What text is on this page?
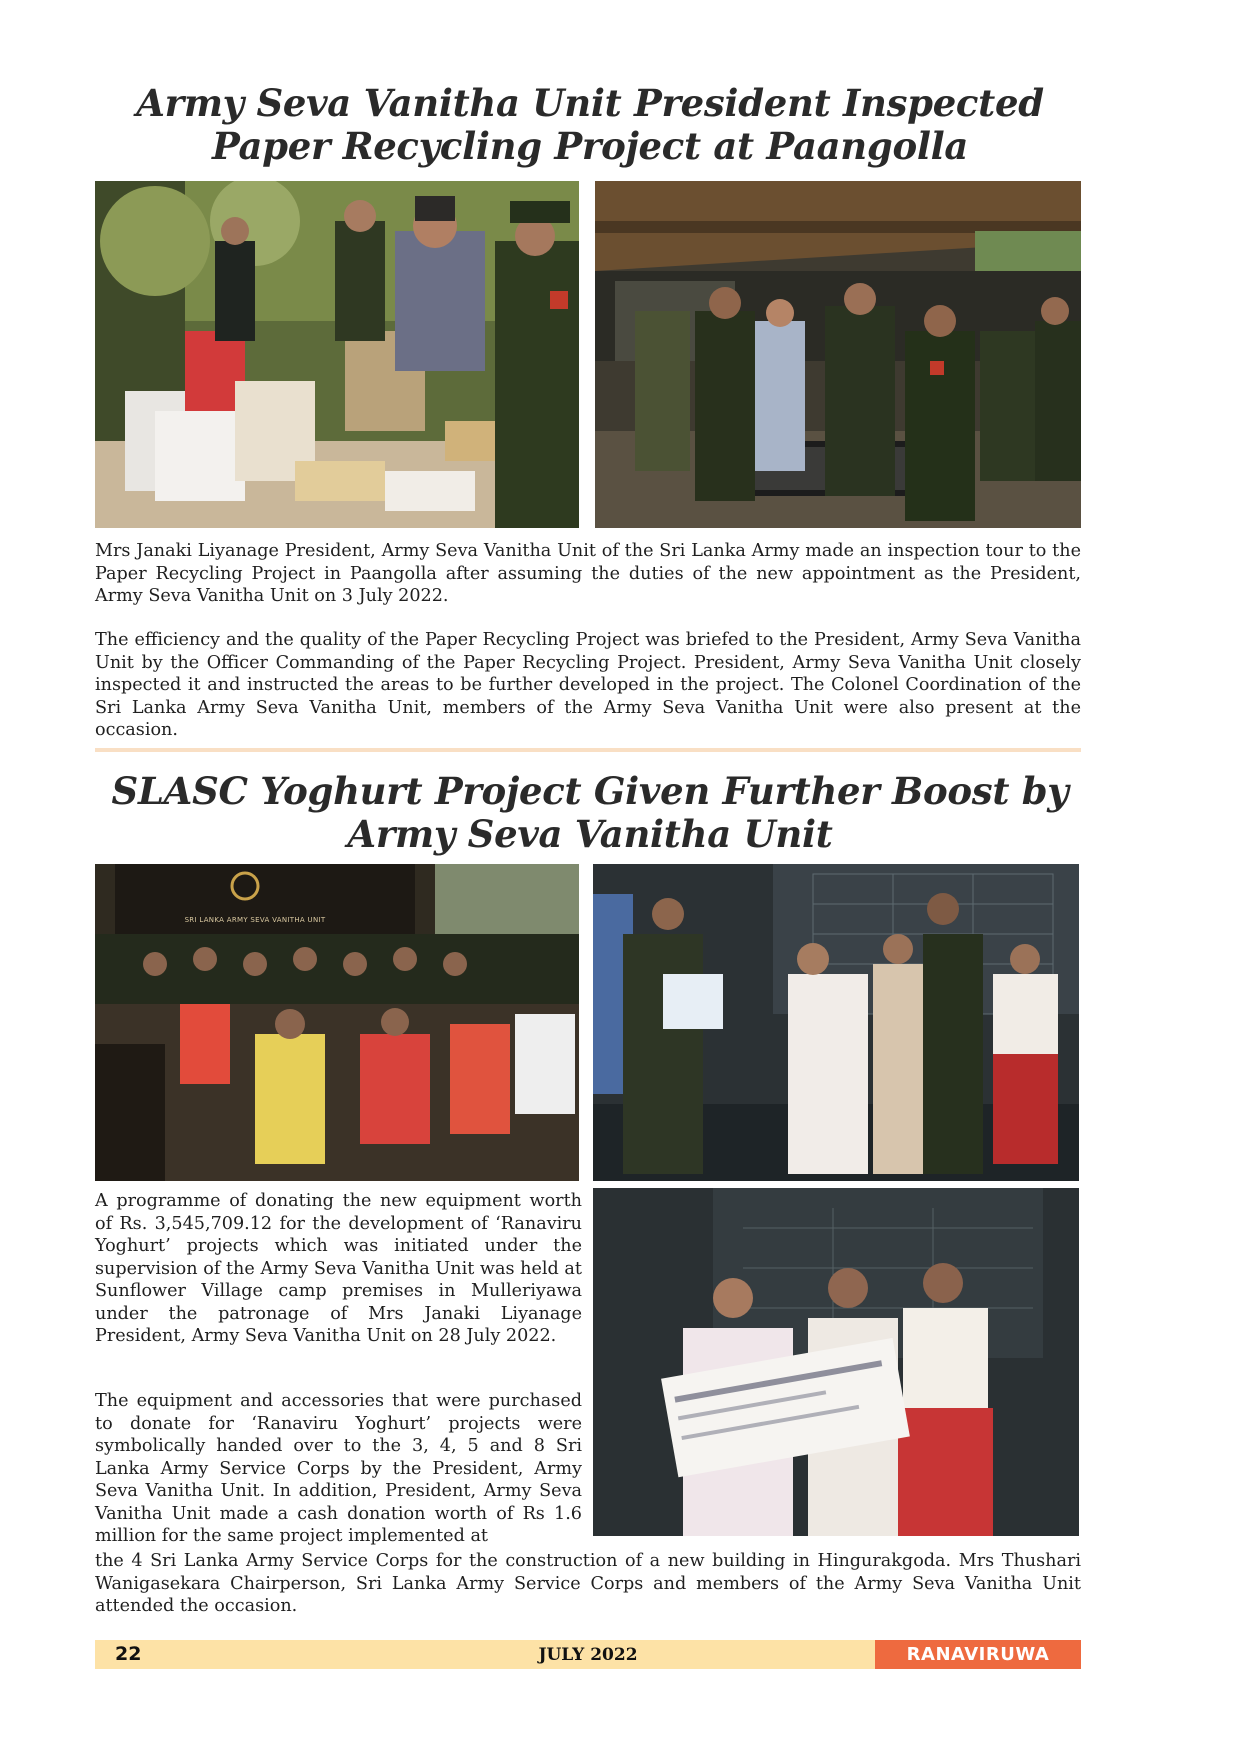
Army Seva Vanitha Unit President Inspected Paper Recycling Project at Paangolla

Mrs Janaki Liyanage President, Army Seva Vanitha Unit of the Sri Lanka Army made an inspection tour to the Paper Recycling Project in Paangolla after assuming the duties of the new appointment as the President, Army Seva Vanitha Unit on 3 July 2022.

The efficiency and the quality of the Paper Recycling Project was briefed to the President, Army Seva Vanitha Unit by the Officer Commanding of the Paper Recycling Project. President, Army Seva Vanitha Unit closely inspected it and instructed the areas to be further developed in the project. The Colonel Coordination of the Sri Lanka Army Seva Vanitha Unit, members of the Army Seva Vanitha Unit were also present at the occasion.

SLASC Yoghurt Project Given Further Boost by Army Seva Vanitha Unit
SRI LANKA ARMY SEVA VANITHA UNIT

A programme of donating the new equipment worth of Rs. 3,545,709.12 for the development of ‘Ranaviru Yoghurt’ projects which was initiated under the supervision of the Army Seva Vanitha Unit was held at Sunflower Village camp premises in Mulleriyawa under the patronage of Mrs Janaki Liyanage President, Army Seva Vanitha Unit on 28 July 2022.

The equipment and accessories that were purchased to donate for ‘Ranaviru Yoghurt’ projects were symbolically handed over to the 3, 4, 5 and 8 Sri Lanka Army Service Corps by the President, Army Seva Vanitha Unit. In addition, President, Army Seva Vanitha Unit made a cash donation worth of Rs 1.6 million for the same project implemented at

the 4 Sri Lanka Army Service Corps for the construction of a new building in Hingurakgoda. Mrs Thushari Wanigasekara Chairperson, Sri Lanka Army Service Corps and members of the Army Seva Vanitha Unit attended the occasion.

22	JULY 2022	RANAVIRUWA
